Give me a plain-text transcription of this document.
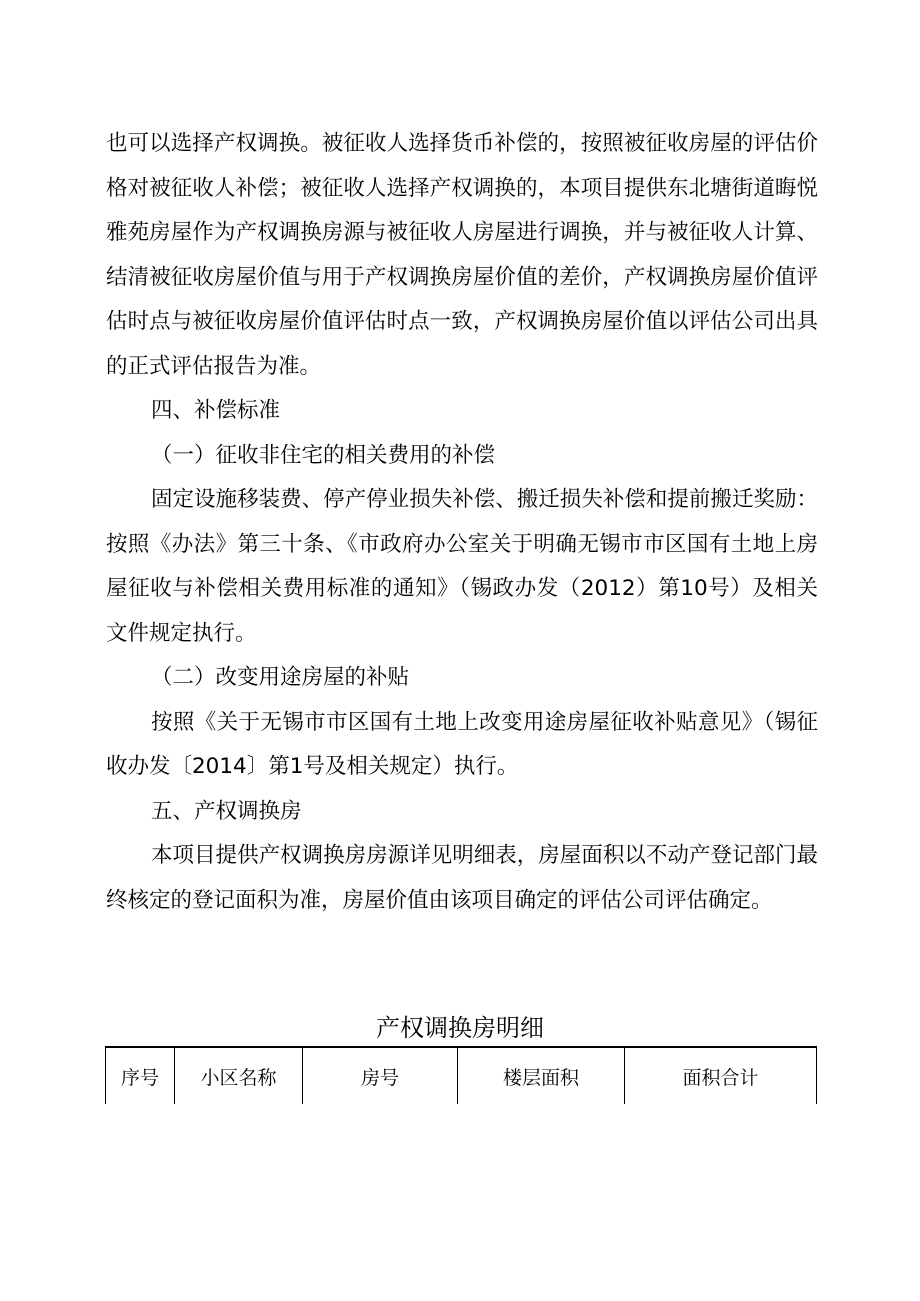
也可以选择产权调换。被征收人选择货币补偿的，按照被征收房屋的评估价格对被征收人补偿；被征收人选择产权调换的，本项目提供东北塘街道晦悦雅苑房屋作为产权调换房源与被征收人房屋进行调换，并与被征收人计算、结清被征收房屋价值与用于产权调换房屋价值的差价，产权调换房屋价值评估时点与被征收房屋价值评估时点一致，产权调换房屋价值以评估公司出具的正式评估报告为准。

四、补偿标准

（一）征收非住宅的相关费用的补偿

固定设施移装费、停产停业损失补偿、搬迁损失补偿和提前搬迁奖励：按照《办法》第三十条、《市政府办公室关于明确无锡市市区国有土地上房屋征收与补偿相关费用标准的通知》（锡政办发（2012）第10号）及相关文件规定执行。

（二）改变用途房屋的补贴

按照《关于无锡市市区国有土地上改变用途房屋征收补贴意见》（锡征收办发〔2014〕第1号及相关规定）执行。

五、产权调换房

本项目提供产权调换房房源详见明细表，房屋面积以不动产登记部门最终核定的登记面积为准，房屋价值由该项目确定的评估公司评估确定。

产权调换房明细
序号	小区名称	房号	楼层面积	面积合计
